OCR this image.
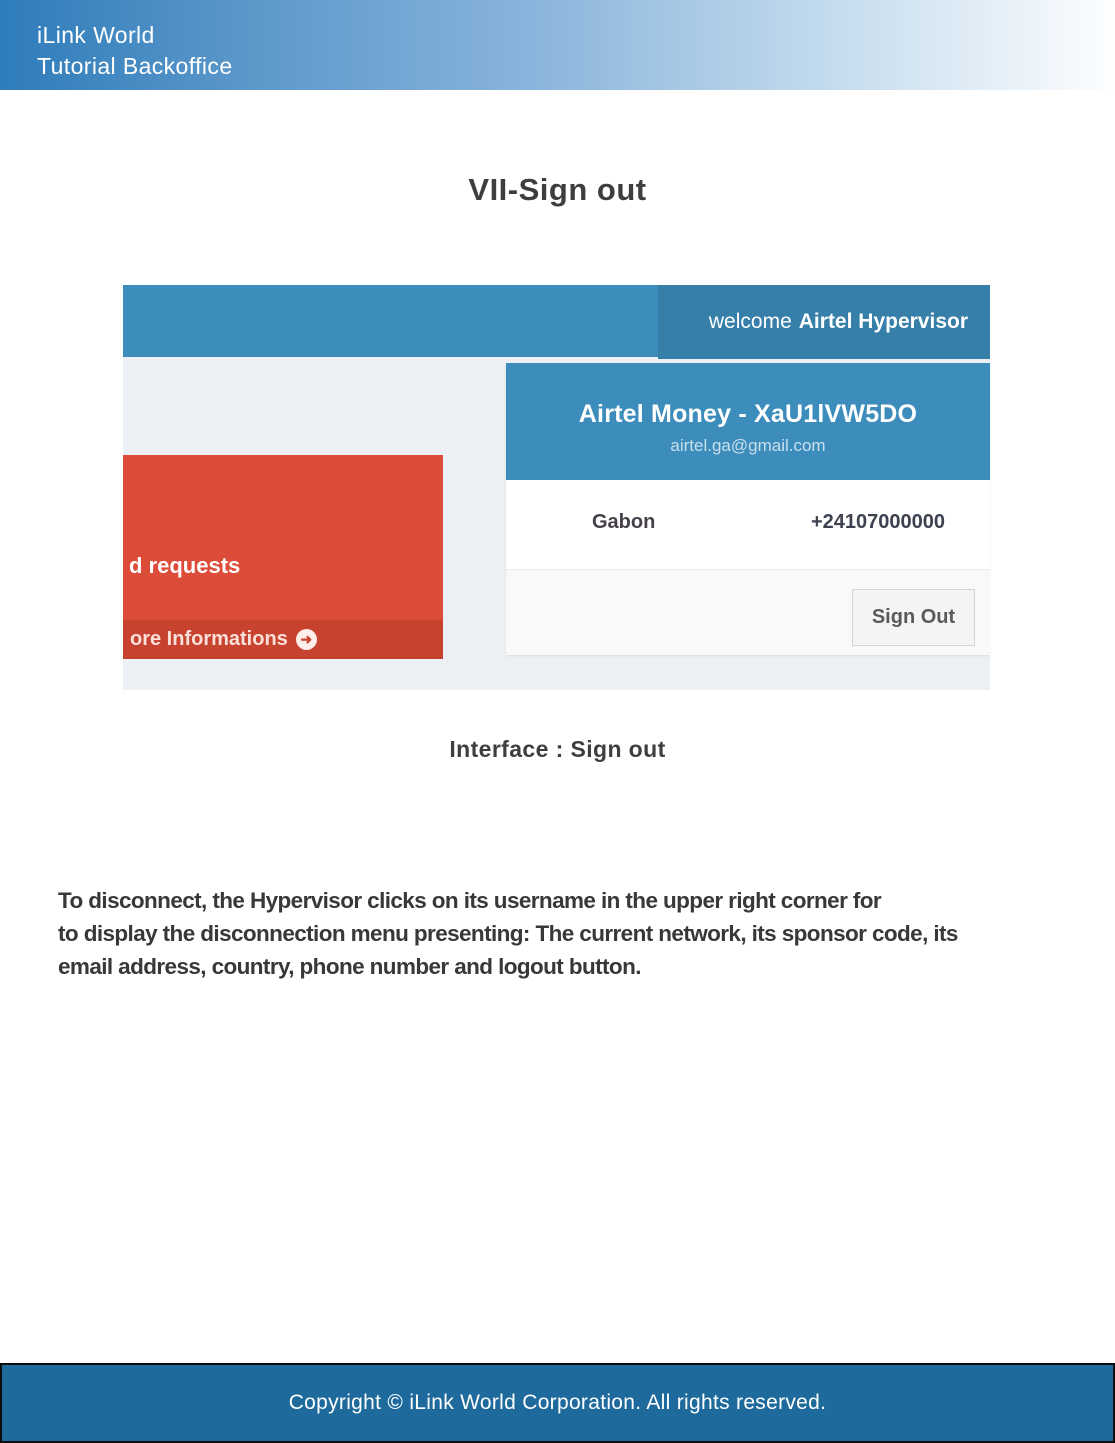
iLink World
Tutorial Backoffice
VII-Sign out
welcome Airtel Hypervisor
Airtel Money - XaU1lVW5DO
airtel.ga@gmail.com
Gabon	+24107000000
Sign Out
d requests
ore Informations ➜
Interface : Sign out
To disconnect, the Hypervisor clicks on its username in the upper right corner for
to display the disconnection menu presenting: The current network, its sponsor code, its
email address, country, phone number and logout button.
Copyright © iLink World Corporation. All rights reserved.
